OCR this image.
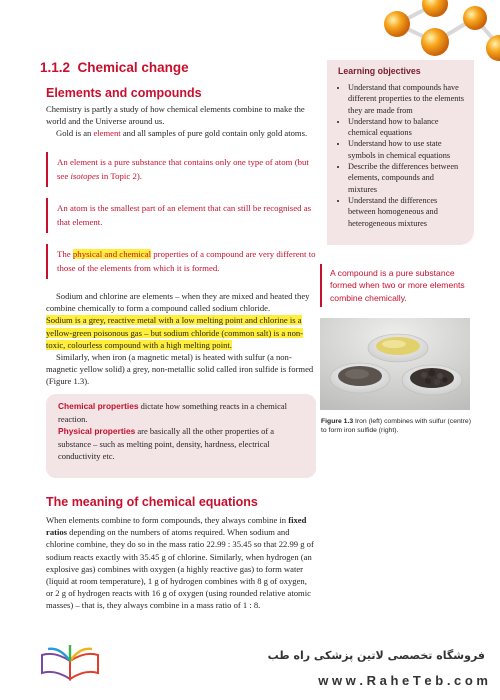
1.1.2 Chemical change
Elements and compounds
Chemistry is partly a study of how chemical elements combine to make the world and the Universe around us.
Gold is an element and all samples of pure gold contain only gold atoms.
An element is a pure substance that contains only one type of atom (but see isotopes in Topic 2).
An atom is the smallest part of an element that can still be recognised as that element.
The physical and chemical properties of a compound are very different to those of the elements from which it is formed.
Sodium and chlorine are elements – when they are mixed and heated they combine chemically to form a compound called sodium chloride.
Sodium is a grey, reactive metal with a low melting point and chlorine is a yellow-green poisonous gas – but sodium chloride (common salt) is a non-toxic, colourless compound with a high melting point.
Similarly, when iron (a magnetic metal) is heated with sulfur (a non-magnetic yellow solid) a grey, non-metallic solid called iron sulfide is formed (Figure 1.3).
Chemical properties dictate how something reacts in a chemical reaction.
Physical properties are basically all the other properties of a substance – such as melting point, density, hardness, electrical conductivity etc.
Learning objectives
• Understand that compounds have different properties to the elements they are made from
• Understand how to balance chemical equations
• Understand how to use state symbols in chemical equations
• Describe the differences between elements, compounds and mixtures
• Understand the differences between homogeneous and heterogeneous mixtures
A compound is a pure substance formed when two or more elements combine chemically.
Figure 1.3 Iron (left) combines with sulfur (centre) to form iron sulfide (right).
The meaning of chemical equations
When elements combine to form compounds, they always combine in fixed ratios depending on the numbers of atoms required. When sodium and chlorine combine, they do so in the mass ratio 22.99 : 35.45 so that 22.99 g of sodium reacts exactly with 35.45 g of chlorine. Similarly, when hydrogen (an explosive gas) combines with oxygen (a highly reactive gas) to form water (liquid at room temperature), 1 g of hydrogen combines with 8 g of oxygen, or 2 g of hydrogen reacts with 16 g of oxygen (using rounded relative atomic masses) – that is, they always combine in a mass ratio of 1 : 8.
فروشگاه تخصصی لاتین پزشکی راه طب
w w w . R a h e T e b . c o m
